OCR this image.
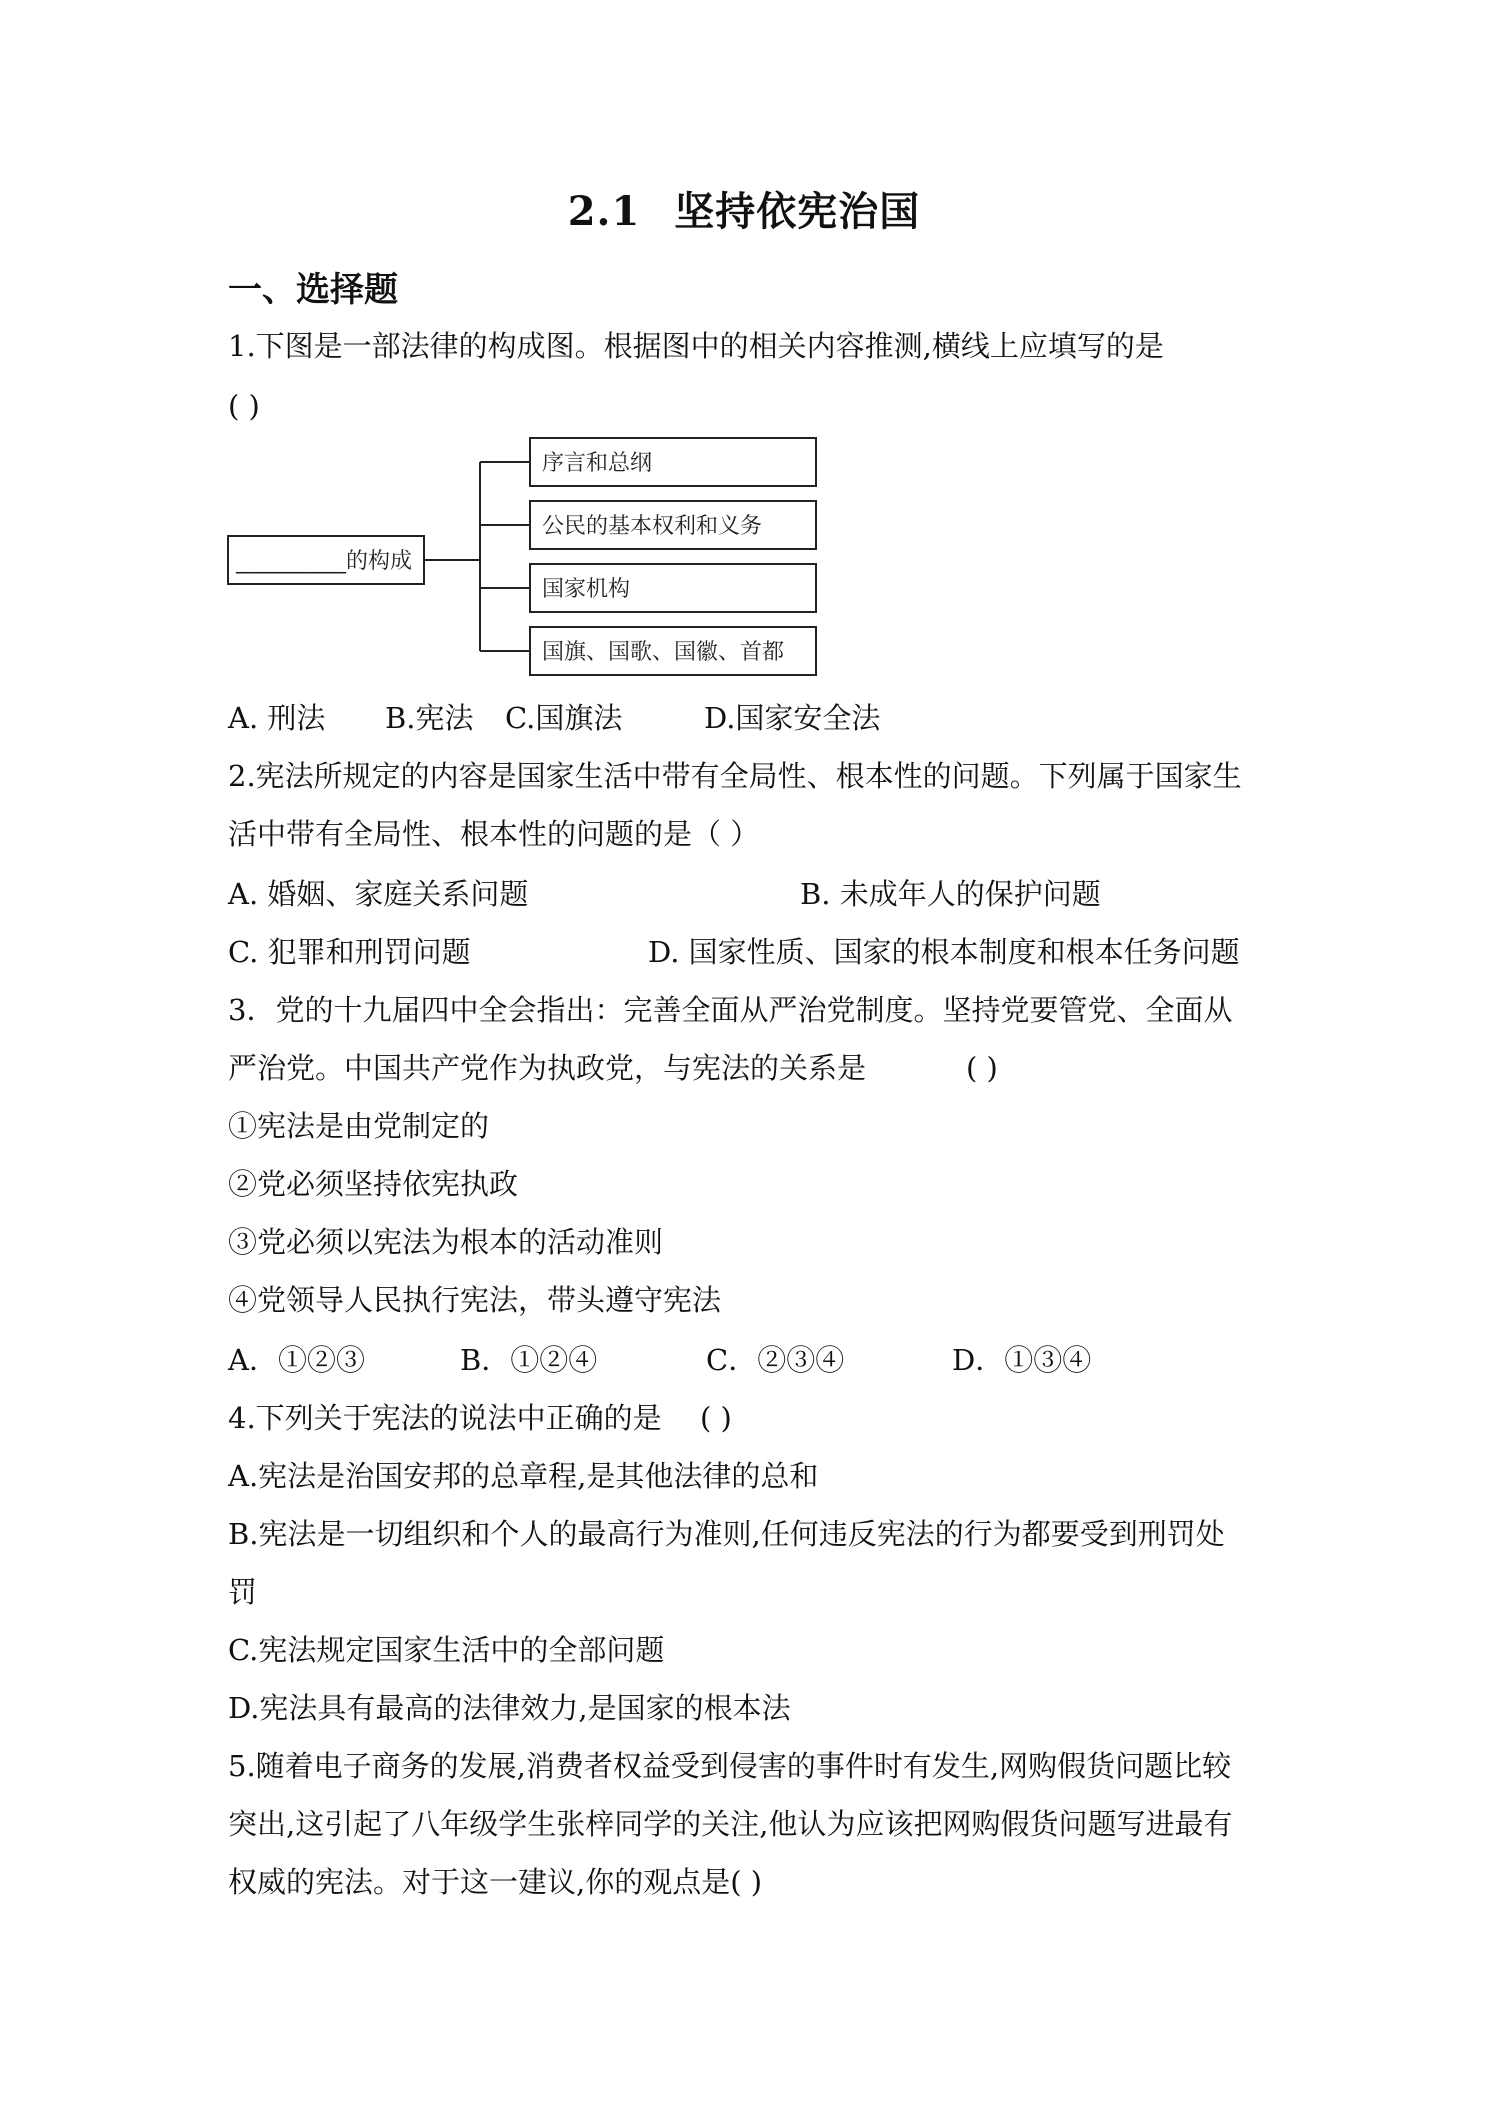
2.1 坚持依宪治国
一、选择题
1.下图是一部法律的构成图。根据图中的相关内容推测,横线上应填写的是
( )
__________的构成
序言和总纲
公民的基本权利和义务
国家机构
国旗、国歌、国徽、首都
A. 刑法 B.宪法 C.国旗法	D.国家安全法
2.宪法所规定的内容是国家生活中带有全局性、根本性的问题。下列属于国家生
活中带有全局性、根本性的问题的是（ ）
A. 婚姻、家庭关系问题	B. 未成年人的保护问题
C. 犯罪和刑罚问题	D. 国家性质、国家的根本制度和根本任务问题
3．党的十九届四中全会指出：完善全面从严治党制度。坚持党要管党、全面从
严治党。中国共产党作为执政党，与宪法的关系是	( )
①宪法是由党制定的
②党必须坚持依宪执政
③党必须以宪法为根本的活动准则
④党领导人民执行宪法，带头遵守宪法
A．①②③	B．①②④	C．②③④	D．①③④
4.下列关于宪法的说法中正确的是 ( )
A.宪法是治国安邦的总章程,是其他法律的总和
B.宪法是一切组织和个人的最高行为准则,任何违反宪法的行为都要受到刑罚处
罚
C.宪法规定国家生活中的全部问题
D.宪法具有最高的法律效力,是国家的根本法
5.随着电子商务的发展,消费者权益受到侵害的事件时有发生,网购假货问题比较
突出,这引起了八年级学生张梓同学的关注,他认为应该把网购假货问题写进最有
权威的宪法。对于这一建议,你的观点是( )
